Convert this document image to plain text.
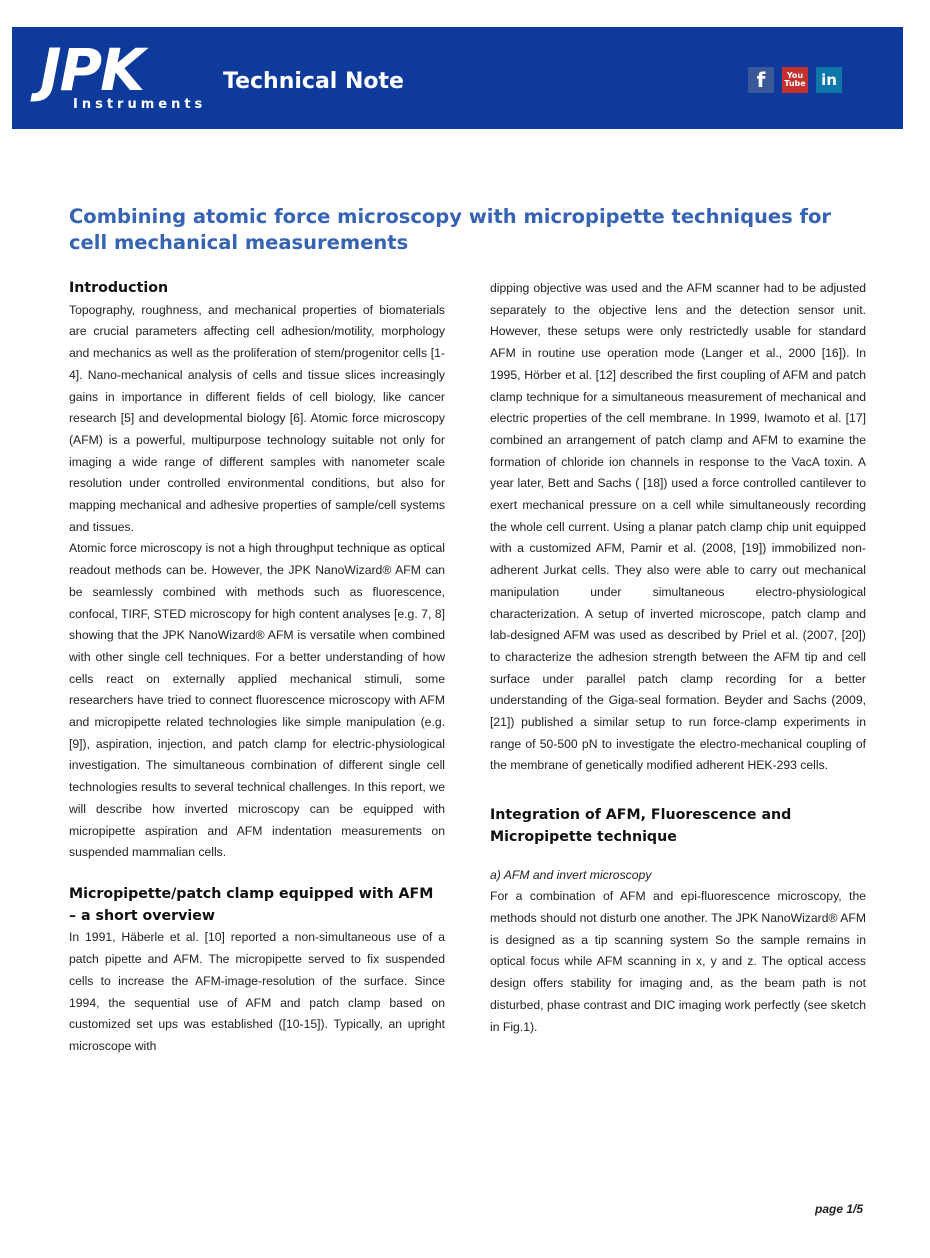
JPK
Instruments
Technical Note	f	You
Tube	in
Combining atomic force microscopy with micropipette techniques for cell mechanical measurements
Introduction

Topography, roughness, and mechanical properties of biomaterials are crucial parameters affecting cell adhesion/motility, morphology and mechanics as well as the proliferation of stem/progenitor cells [1-4]. Nano-mechanical analysis of cells and tissue slices increasingly gains in importance in different fields of cell biology, like cancer research [5] and developmental biology [6]. Atomic force microscopy (AFM) is a powerful, multipurpose technology suitable not only for imaging a wide range of different samples with nanometer scale resolution under controlled environmental conditions, but also for mapping mechanical and adhesive properties of sample/cell systems and tissues.

Atomic force microscopy is not a high throughput technique as optical readout methods can be. However, the JPK NanoWizard® AFM can be seamlessly combined with methods such as fluorescence, confocal, TIRF, STED microscopy for high content analyses [e.g. 7, 8] showing that the JPK NanoWizard® AFM is versatile when combined with other single cell techniques. For a better understanding of how cells react on externally applied mechanical stimuli, some researchers have tried to connect fluorescence microscopy with AFM and micropipette related technologies like simple manipulation (e.g. [9]), aspiration, injection, and patch clamp for electric-physiological investigation. The simultaneous combination of different single cell technologies results to several technical challenges. In this report, we will describe how inverted microscopy can be equipped with micropipette aspiration and AFM indentation measurements on suspended mammalian cells.

Micropipette/patch clamp equipped with AFM – a short overview

In 1991, Häberle et al. [10] reported a non-simultaneous use of a patch pipette and AFM. The micropipette served to fix suspended cells to increase the AFM-image-resolution of the surface. Since 1994, the sequential use of AFM and patch clamp based on customized set ups was established ([10-15]). Typically, an upright microscope with

dipping objective was used and the AFM scanner had to be adjusted separately to the objective lens and the detection sensor unit. However, these setups were only restrictedly usable for standard AFM in routine use operation mode (Langer et al., 2000 [16]). In 1995, Hörber et al. [12] described the first coupling of AFM and patch clamp technique for a simultaneous measurement of mechanical and electric properties of the cell membrane. In 1999, Iwamoto et al. [17] combined an arrangement of patch clamp and AFM to examine the formation of chloride ion channels in response to the VacA toxin. A year later, Bett and Sachs ( [18]) used a force controlled cantilever to exert mechanical pressure on a cell while simultaneously recording the whole cell current. Using a planar patch clamp chip unit equipped with a customized AFM, Pamir et al. (2008, [19]) immobilized non-adherent Jurkat cells. They also were able to carry out mechanical manipulation under simultaneous electro-physiological characterization. A setup of inverted microscope, patch clamp and lab-designed AFM was used as described by Priel et al. (2007, [20]) to characterize the adhesion strength between the AFM tip and cell surface under parallel patch clamp recording for a better understanding of the Giga-seal formation. Beyder and Sachs (2009, [21]) published a similar setup to run force-clamp experiments in range of 50-500 pN to investigate the electro-mechanical coupling of the membrane of genetically modified adherent HEK-293 cells.

Integration of AFM, Fluorescence and Micropipette technique

a) AFM and invert microscopy

For a combination of AFM and epi-fluorescence microscopy, the methods should not disturb one another. The JPK NanoWizard® AFM is designed as a tip scanning system So the sample remains in optical focus while AFM scanning in x, y and z. The optical access design offers stability for imaging and, as the beam path is not disturbed, phase contrast and DIC imaging work perfectly (see sketch in Fig.1).

page 1/5
